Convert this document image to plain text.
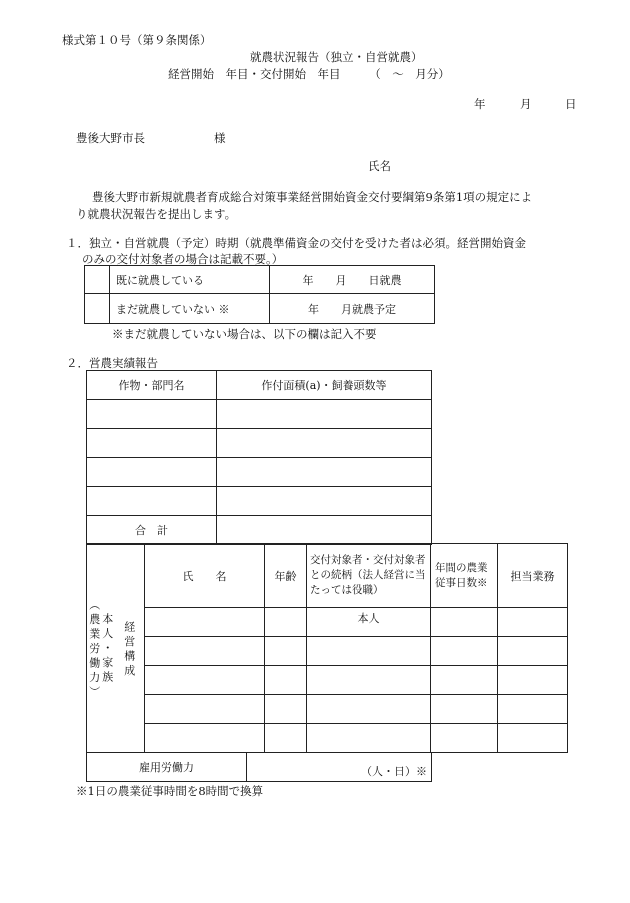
様式第１０号（第９条関係）
就農状況報告（独立・自営就農）
経営開始　年目・交付開始　年目　　　（　〜　月分）
年	月	日
豊後大野市長	様
氏名
豊後大野市新規就農者育成総合対策事業経営開始資金交付要綱第9条第1項の規定によ
り就農状況報告を提出します。
１．独立・自営就農（予定）時期（就農準備資金の交付を受けた者は必須。経営開始資金
のみの交付対象者の場合は記載不要。）
	既に就農している	年　　月　　日就農
	まだ就農していない ※	年　　月就農予定
※まだ就農していない場合は、以下の欄は記入不要
２．営農実績報告
作物・部門名	作付面積(a)・飼養頭数等

合　計	
（ 農 業 労 働 力 ） 本 人 ・ 家 族	経 営 構 成	氏　　名	年齢	交付対象者・交付対象者との続柄（法人経営に当たっては役職）	年間の農業従事日数※	担当業務
				本人		

雇用労働力	（人・日）※
※1日の農業従事時間を8時間で換算
